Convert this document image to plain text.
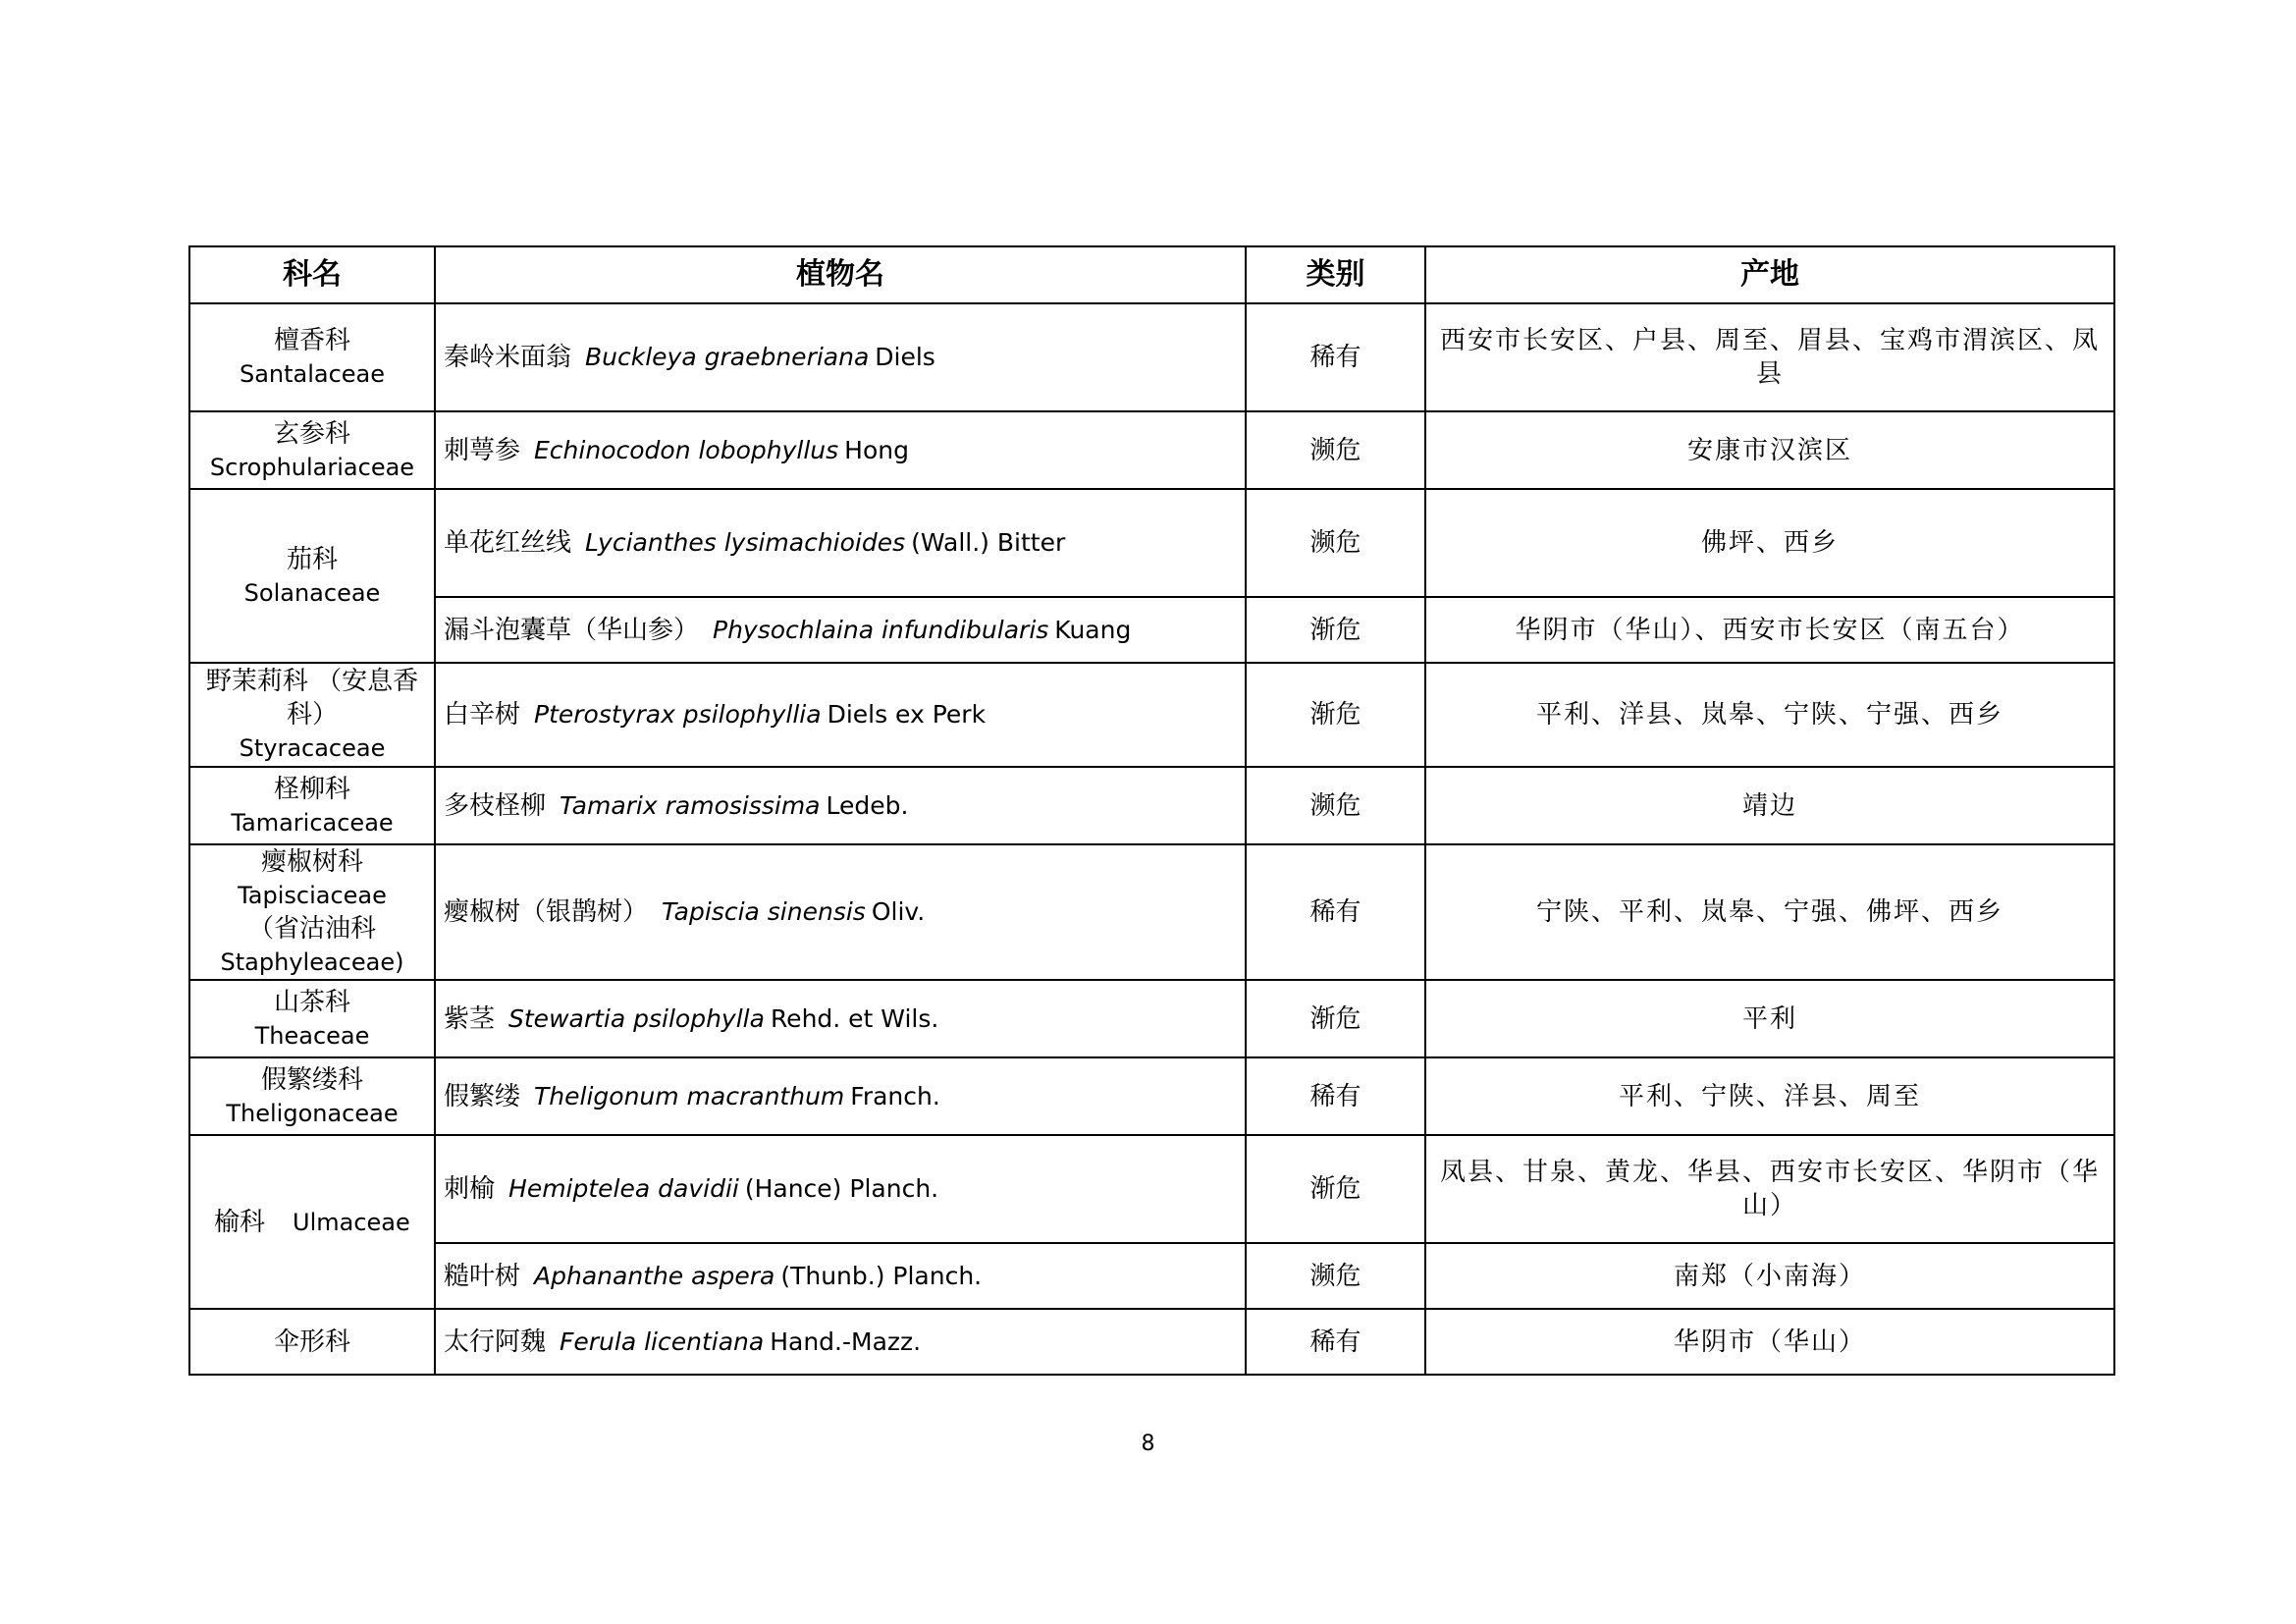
科名	植物名	类别	产地

檀香科
Santalaceae	秦岭米面翁 Buckleya graebneriana Diels	稀有	西安市长安区、户县、周至、眉县、宝鸡市渭滨区、凤县

玄参科
Scrophulariaceae	刺萼参 Echinocodon lobophyllus Hong	濒危	安康市汉滨区

茄科
Solanaceae	单花红丝线 Lycianthes lysimachioides (Wall.) Bitter	濒危	佛坪、西乡
	漏斗泡囊草（华山参） Physochlaina infundibularis Kuang	渐危	华阴市（华山）、西安市长安区（南五台）

野茉莉科 （安息香科）
Styracaceae	白辛树 Pterostyrax psilophyllia Diels ex Perk	渐危	平利、洋县、岚皋、宁陕、宁强、西乡

柽柳科
Tamaricaceae	多枝柽柳 Tamarix ramosissima Ledeb.	濒危	靖边

瘿椒树科
Tapisciaceae
（省沽油科
Staphyleaceae)	瘿椒树（银鹊树） Tapiscia sinensis Oliv.	稀有	宁陕、平利、岚皋、宁强、佛坪、西乡

山茶科
Theaceae	紫茎 Stewartia psilophylla Rehd. et Wils.	渐危	平利

假繁缕科
Theligonaceae	假繁缕 Theligonum macranthum Franch.	稀有	平利、宁陕、洋县、周至
榆科 Ulmaceae	刺榆 Hemiptelea davidii (Hance) Planch.	渐危	凤县、甘泉、黄龙、华县、西安市长安区、华阴市（华山）
	糙叶树 Aphananthe aspera (Thunb.) Planch.	濒危	南郑（小南海）

伞形科	太行阿魏 Ferula licentiana Hand.-Mazz.	稀有	华阴市（华山）
8
